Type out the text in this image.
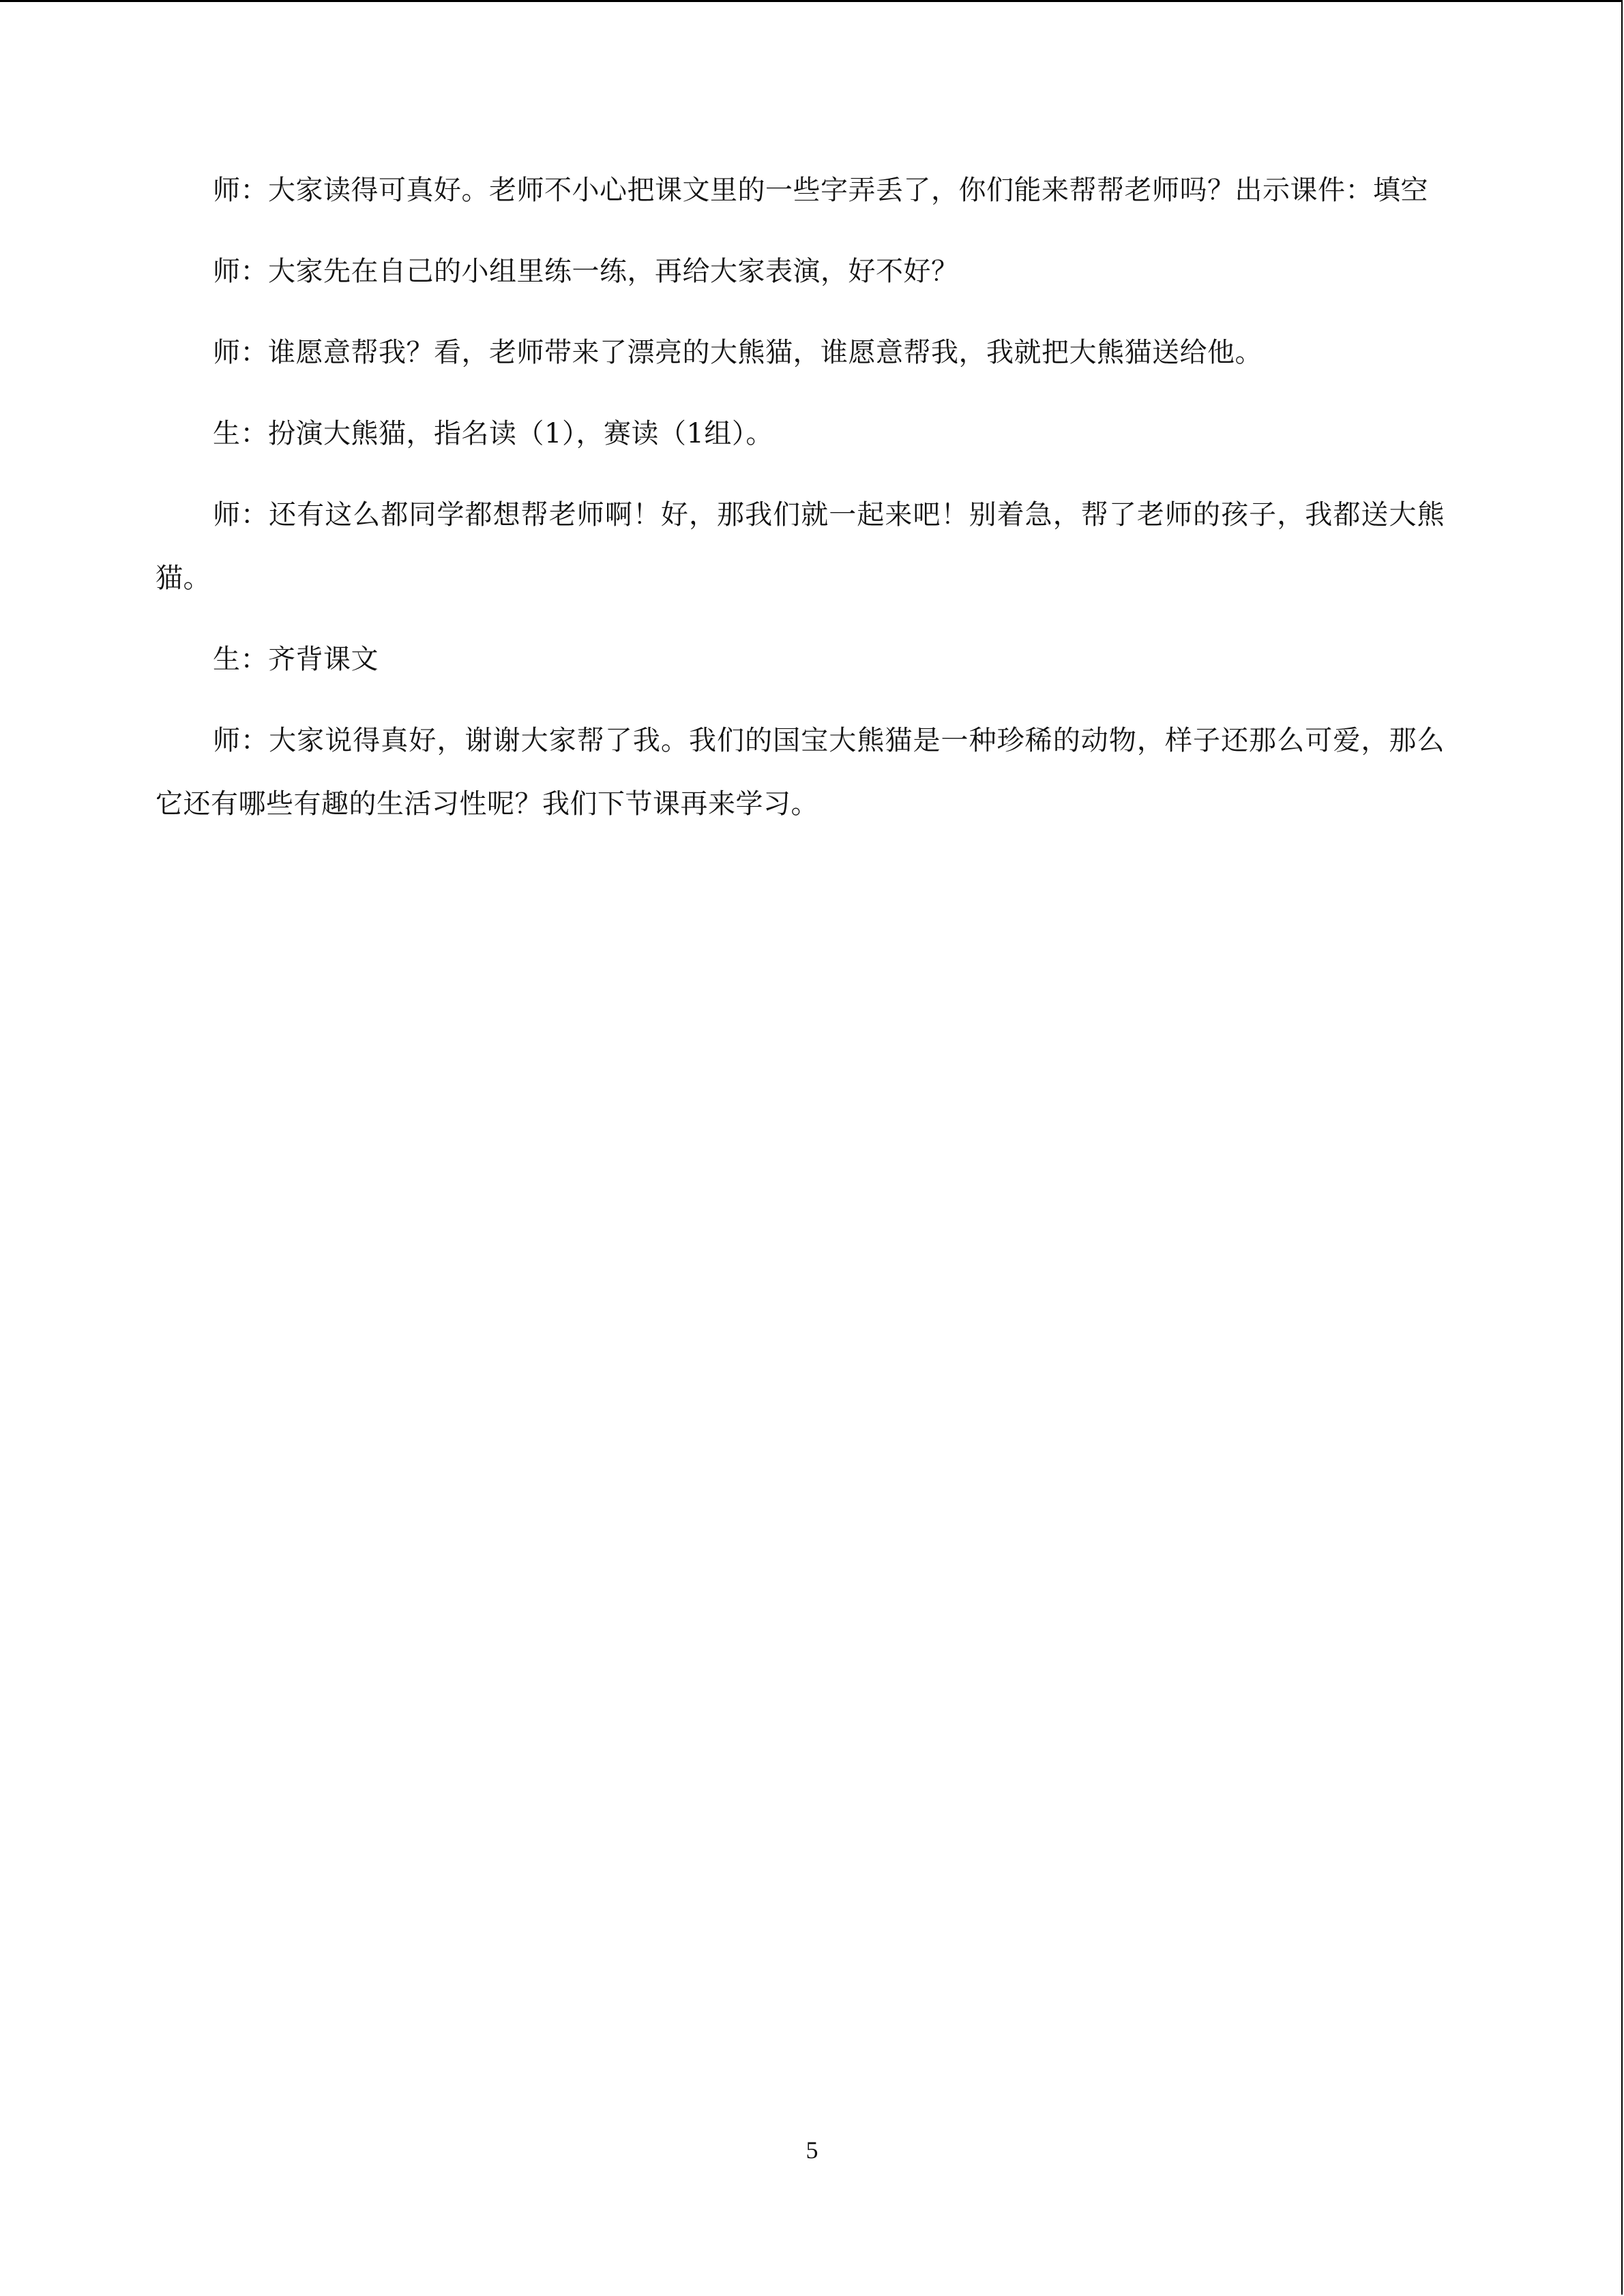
师：大家读得可真好。老师不小心把课文里的一些字弄丢了，你们能来帮帮老师吗？出示课件：填空

师：大家先在自己的小组里练一练，再给大家表演，好不好？

师：谁愿意帮我？看，老师带来了漂亮的大熊猫，谁愿意帮我，我就把大熊猫送给他。

生：扮演大熊猫，指名读（1），赛读（1组）。

师：还有这么都同学都想帮老师啊！好，那我们就一起来吧！别着急，帮了老师的孩子，我都送大熊猫。

生：齐背课文

师：大家说得真好，谢谢大家帮了我。我们的国宝大熊猫是一种珍稀的动物，样子还那么可爱，那么它还有哪些有趣的生活习性呢？我们下节课再来学习。

5
